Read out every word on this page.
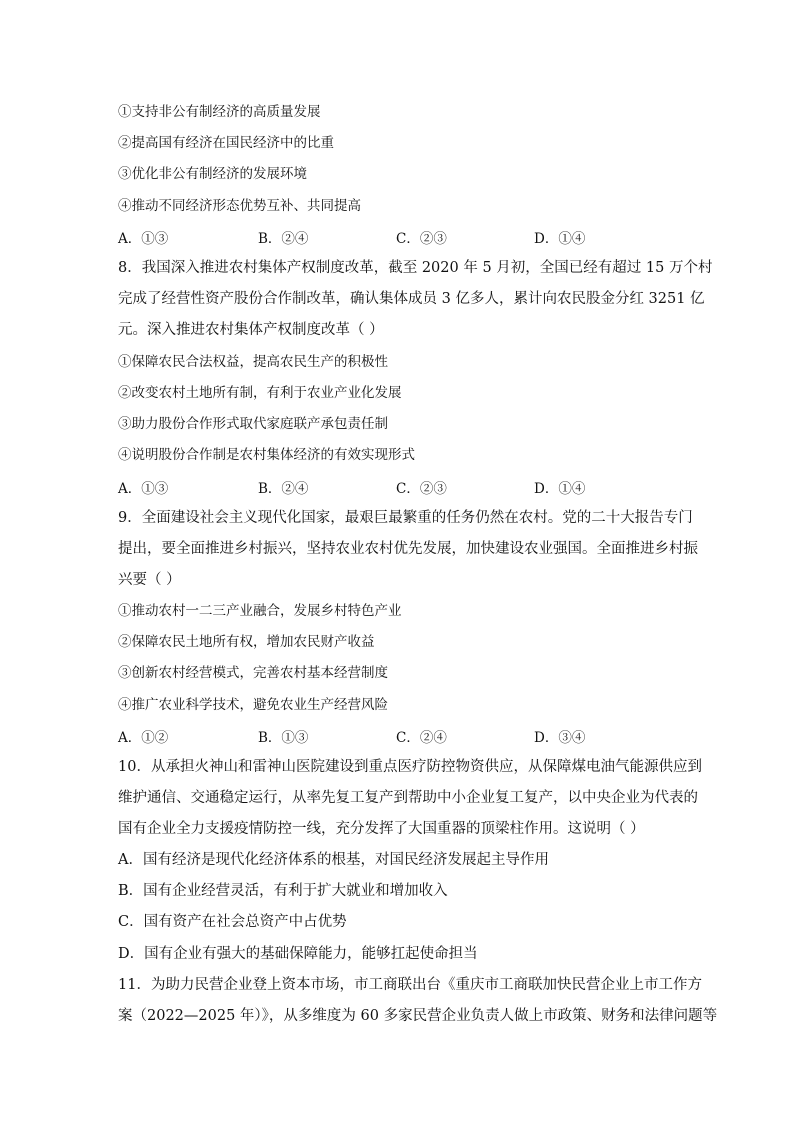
①支持非公有制经济的高质量发展
②提高国有经济在国民经济中的比重
③优化非公有制经济的发展环境
④推动不同经济形态优势互补、共同提高
A．①③	B．②④	C．②③	D．①④
8．我国深入推进农村集体产权制度改革，截至 2020 年 5 月初，全国已经有超过 15 万个村
完成了经营性资产股份合作制改革，确认集体成员 3 亿多人，累计向农民股金分红 3251 亿
元。深入推进农村集体产权制度改革（ ）
①保障农民合法权益，提高农民生产的积极性
②改变农村土地所有制，有利于农业产业化发展
③助力股份合作形式取代家庭联产承包责任制
④说明股份合作制是农村集体经济的有效实现形式
A．①③	B．②④	C．②③	D．①④
9．全面建设社会主义现代化国家，最艰巨最繁重的任务仍然在农村。党的二十大报告专门
提出，要全面推进乡村振兴，坚持农业农村优先发展，加快建设农业强国。全面推进乡村振
兴要（ ）
①推动农村一二三产业融合，发展乡村特色产业
②保障农民土地所有权，增加农民财产收益
③创新农村经营模式，完善农村基本经营制度
④推广农业科学技术，避免农业生产经营风险
A．①②	B．①③	C．②④	D．③④
10．从承担火神山和雷神山医院建设到重点医疗防控物资供应，从保障煤电油气能源供应到
维护通信、交通稳定运行，从率先复工复产到帮助中小企业复工复产，以中央企业为代表的
国有企业全力支援疫情防控一线，充分发挥了大国重器的顶梁柱作用。这说明（ ）
A．国有经济是现代化经济体系的根基，对国民经济发展起主导作用
B．国有企业经营灵活，有利于扩大就业和增加收入
C．国有资产在社会总资产中占优势
D．国有企业有强大的基础保障能力，能够扛起使命担当
11．为助力民营企业登上资本市场，市工商联出台《重庆市工商联加快民营企业上市工作方
案（2022—2025 年）》，从多维度为 60 多家民营企业负责人做上市政策、财务和法律问题等
